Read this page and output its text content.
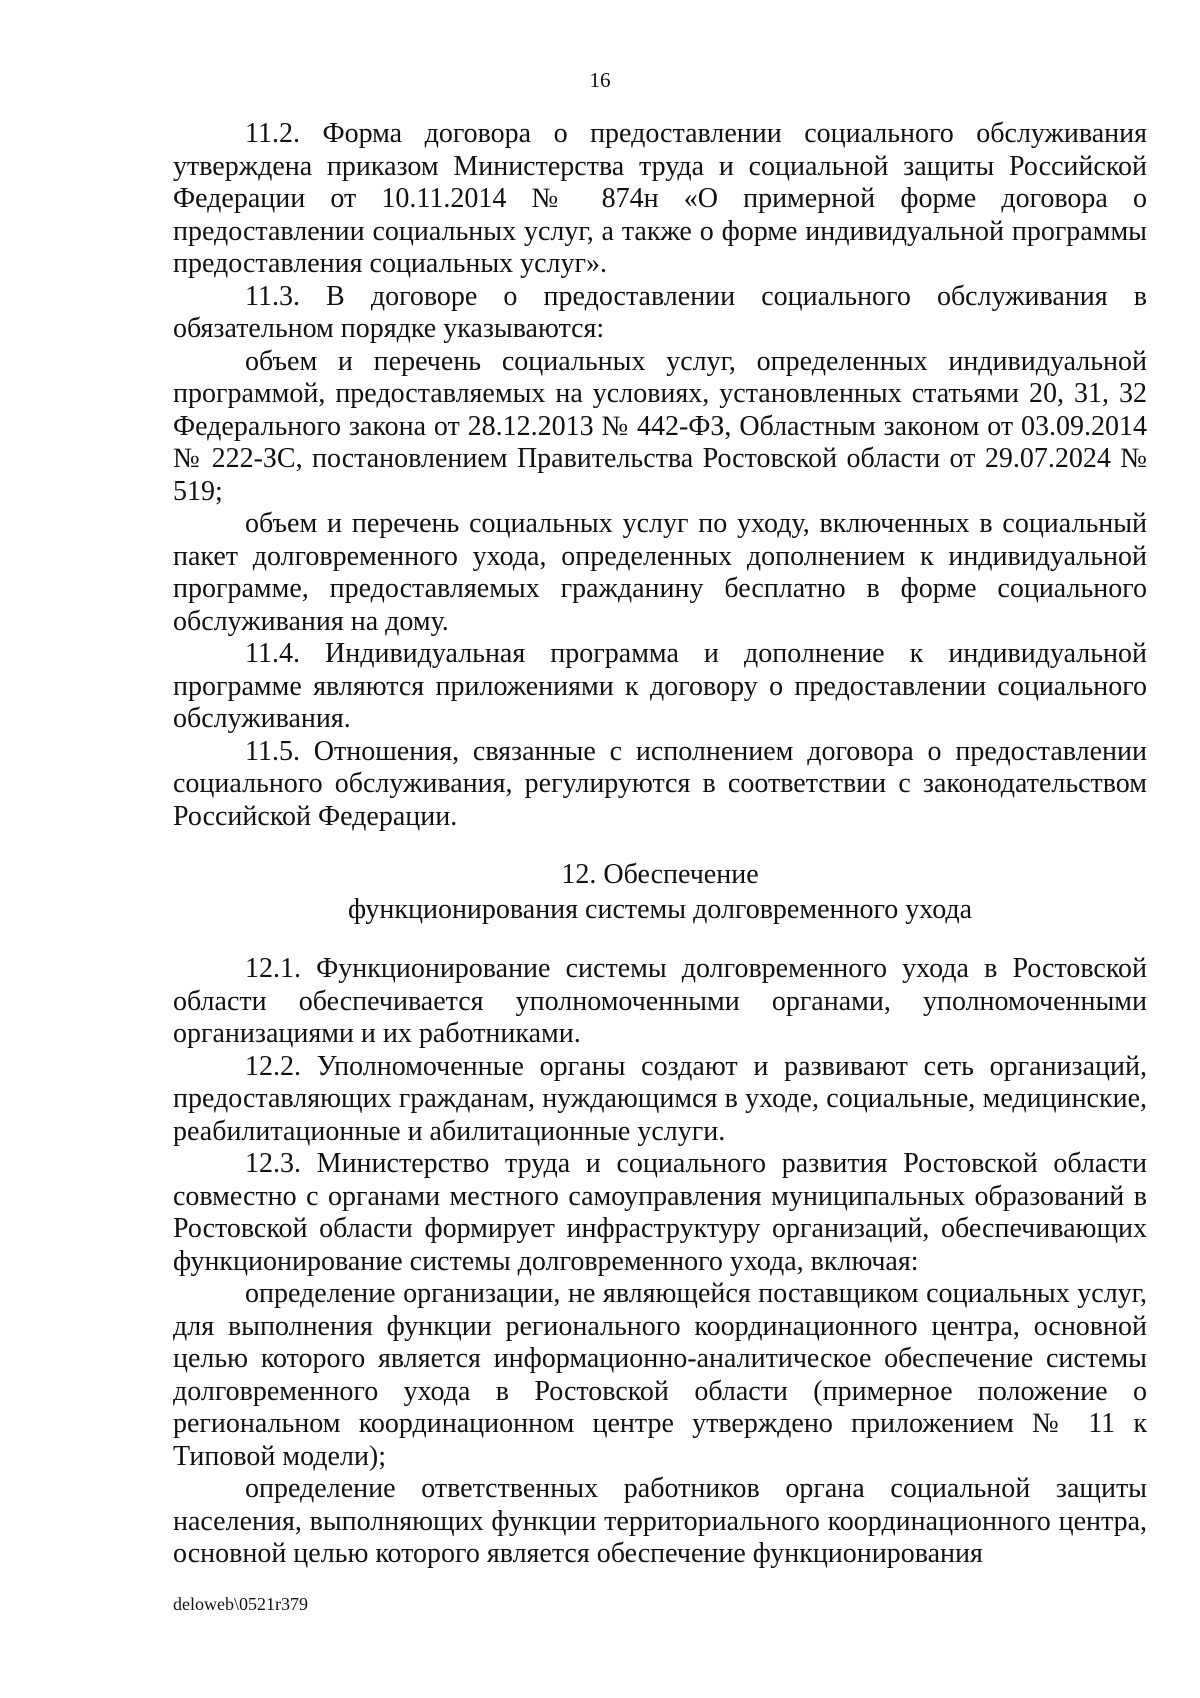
16

11.2. Форма договора о предоставлении социального обслуживания утверждена приказом Министерства труда и социальной защиты Российской Федерации от 10.11.2014 № 874н «О примерной форме договора о предоставлении социальных услуг, а также о форме индивидуальной программы предоставления социальных услуг».

11.3. В договоре о предоставлении социального обслуживания в обязательном порядке указываются:

объем и перечень социальных услуг, определенных индивидуальной программой, предоставляемых на условиях, установленных статьями 20, 31, 32 Федерального закона от 28.12.2013 № 442-ФЗ, Областным законом от 03.09.2014 № 222-ЗС, постановлением Правительства Ростовской области от 29.07.2024 № 519;

объем и перечень социальных услуг по уходу, включенных в социальный пакет долговременного ухода, определенных дополнением к индивидуальной программе, предоставляемых гражданину бесплатно в форме социального обслуживания на дому.

11.4. Индивидуальная программа и дополнение к индивидуальной программе являются приложениями к договору о предоставлении социального обслуживания.

11.5. Отношения, связанные с исполнением договора о предоставлении социального обслуживания, регулируются в соответствии с законодательством Российской Федерации.

12. Обеспечение
функционирования системы долговременного ухода

12.1. Функционирование системы долговременного ухода в Ростовской области обеспечивается уполномоченными органами, уполномоченными организациями и их работниками.

12.2. Уполномоченные органы создают и развивают сеть организаций, предоставляющих гражданам, нуждающимся в уходе, социальные, медицинские, реабилитационные и абилитационные услуги.

12.3. Министерство труда и социального развития Ростовской области совместно с органами местного самоуправления муниципальных образований в Ростовской области формирует инфраструктуру организаций, обеспечивающих функционирование системы долговременного ухода, включая:

определение организации, не являющейся поставщиком социальных услуг, для выполнения функции регионального координационного центра, основной целью которого является информационно-аналитическое обеспечение системы долговременного ухода в Ростовской области (примерное положение о региональном координационном центре утверждено приложением № 11 к Типовой модели);

определение ответственных работников органа социальной защиты населения, выполняющих функции территориального координационного центра, основной целью которого является обеспечение функционирования

deloweb\0521r379
